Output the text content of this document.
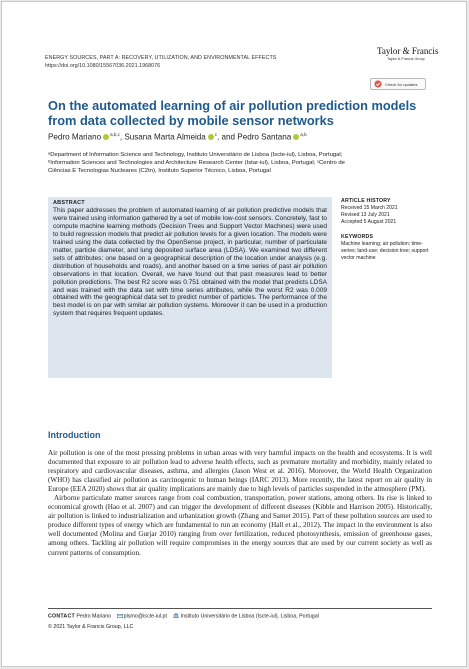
ENERGY SOURCES, PART A: RECOVERY, UTILIZATION, AND ENVIRONMENTAL EFFECTS
https://doi.org/10.1080/15567036.2021.1968076
Taylor & Francis
Taylor & Francis Group
Check for updates
On the automated learning of air pollution prediction models from data collected by mobile sensor networks
Pedro Mariano $^{a,b,c}$, Susana Marta Almeida $^c$, and Pedro Santana $^{a,b}$

ᵃDepartment of Information Science and Technology, Instituto Universitário de Lisboa (Iscte-iul), Lisboa, Portugal;

ᵇInformation Sciences and Technologies and Architecture Research Center (Istar-iul), Lisboa, Portugal; ᶜCentro de

Ciências E Tecnologias Nucleares (C2tn), Instituto Superior Técnico, Lisboa, Portugal

ABSTRACT

This paper addresses the problem of automated learning of air pollution predictive models that were trained using information gathered by a set of mobile low-cost sensors. Concretely, fast to compute machine learning methods (Decision Trees and Support Vector Machines) were used to build regression models that predict air pollution levels for a given location. The models were trained using the data collected by the OpenSense project, in particular, number of particulate matter, particle diameter, and lung deposited surface area (LDSA). We examined two different sets of attributes: one based on a geographical description of the location under analysis (e.g. distribution of households and roads), and another based on a time series of past air pollution observations in that location. Overall, we have found out that past measures lead to better pollution predictions. The best R2 score was 0.751 obtained with the model that predicts LDSA and was trained with the data set with time series attributes, while the worst R2 was 0.009 obtained with the geographical data set to predict number of particles. The performance of the best model is on par with similar air pollution systems. Moreover it can be used in a production system that requires frequent updates.

ARTICLE HISTORY
Received 15 March 2021
Revised 13 July 2021
Accepted 5 August 2021
KEYWORDS
Machine learning; air pollution; time-series; land-use; decision tree; support vector machine
Introduction

Air pollution is one of the most pressing problems in urban areas with very harmful impacts on the health and ecosystems. It is well documented that exposure to air pollution lead to adverse health effects, such as premature mortality and morbidity, mainly related to respiratory and cardiovascular diseases, asthma, and allergies (Jason West et al. 2016). Moreover, the World Health Organization (WHO) has classified air pollution as carcinogenic to human beings (IARC 2013). More recently, the latest report on air quality in Europe (EEA 2020) shows that air quality implications are mainly due to high levels of particles suspended in the atmosphere (PM).

Airborne particulate matter sources range from coal combustion, transportation, power stations, among others. Its rise is linked to economical growth (Hao et al. 2007) and can trigger the development of different diseases (Kibble and Harrison 2005). Historically, air pollution is linked to industrialization and urbanization growth (Zhang and Samet 2015). Part of these pollution sources are used to produce different types of energy which are fundamental to run an economy (Hall et al., 2012). The impact in the environment is also well documented (Molina and Gurjar 2010) ranging from over fertilization, reduced photosynthesis, emission of greenhouse gases, among others. Tackling air pollution will require compromises in the energy sources that are used by our current society as well as current patterns of consumption.

CONTACT Pedro Mariano plsmo@iscte-iul.pt	Instituto Universitário de Lisboa (Iscte-iul), Lisboa, Portugal
© 2021 Taylor & Francis Group, LLC
